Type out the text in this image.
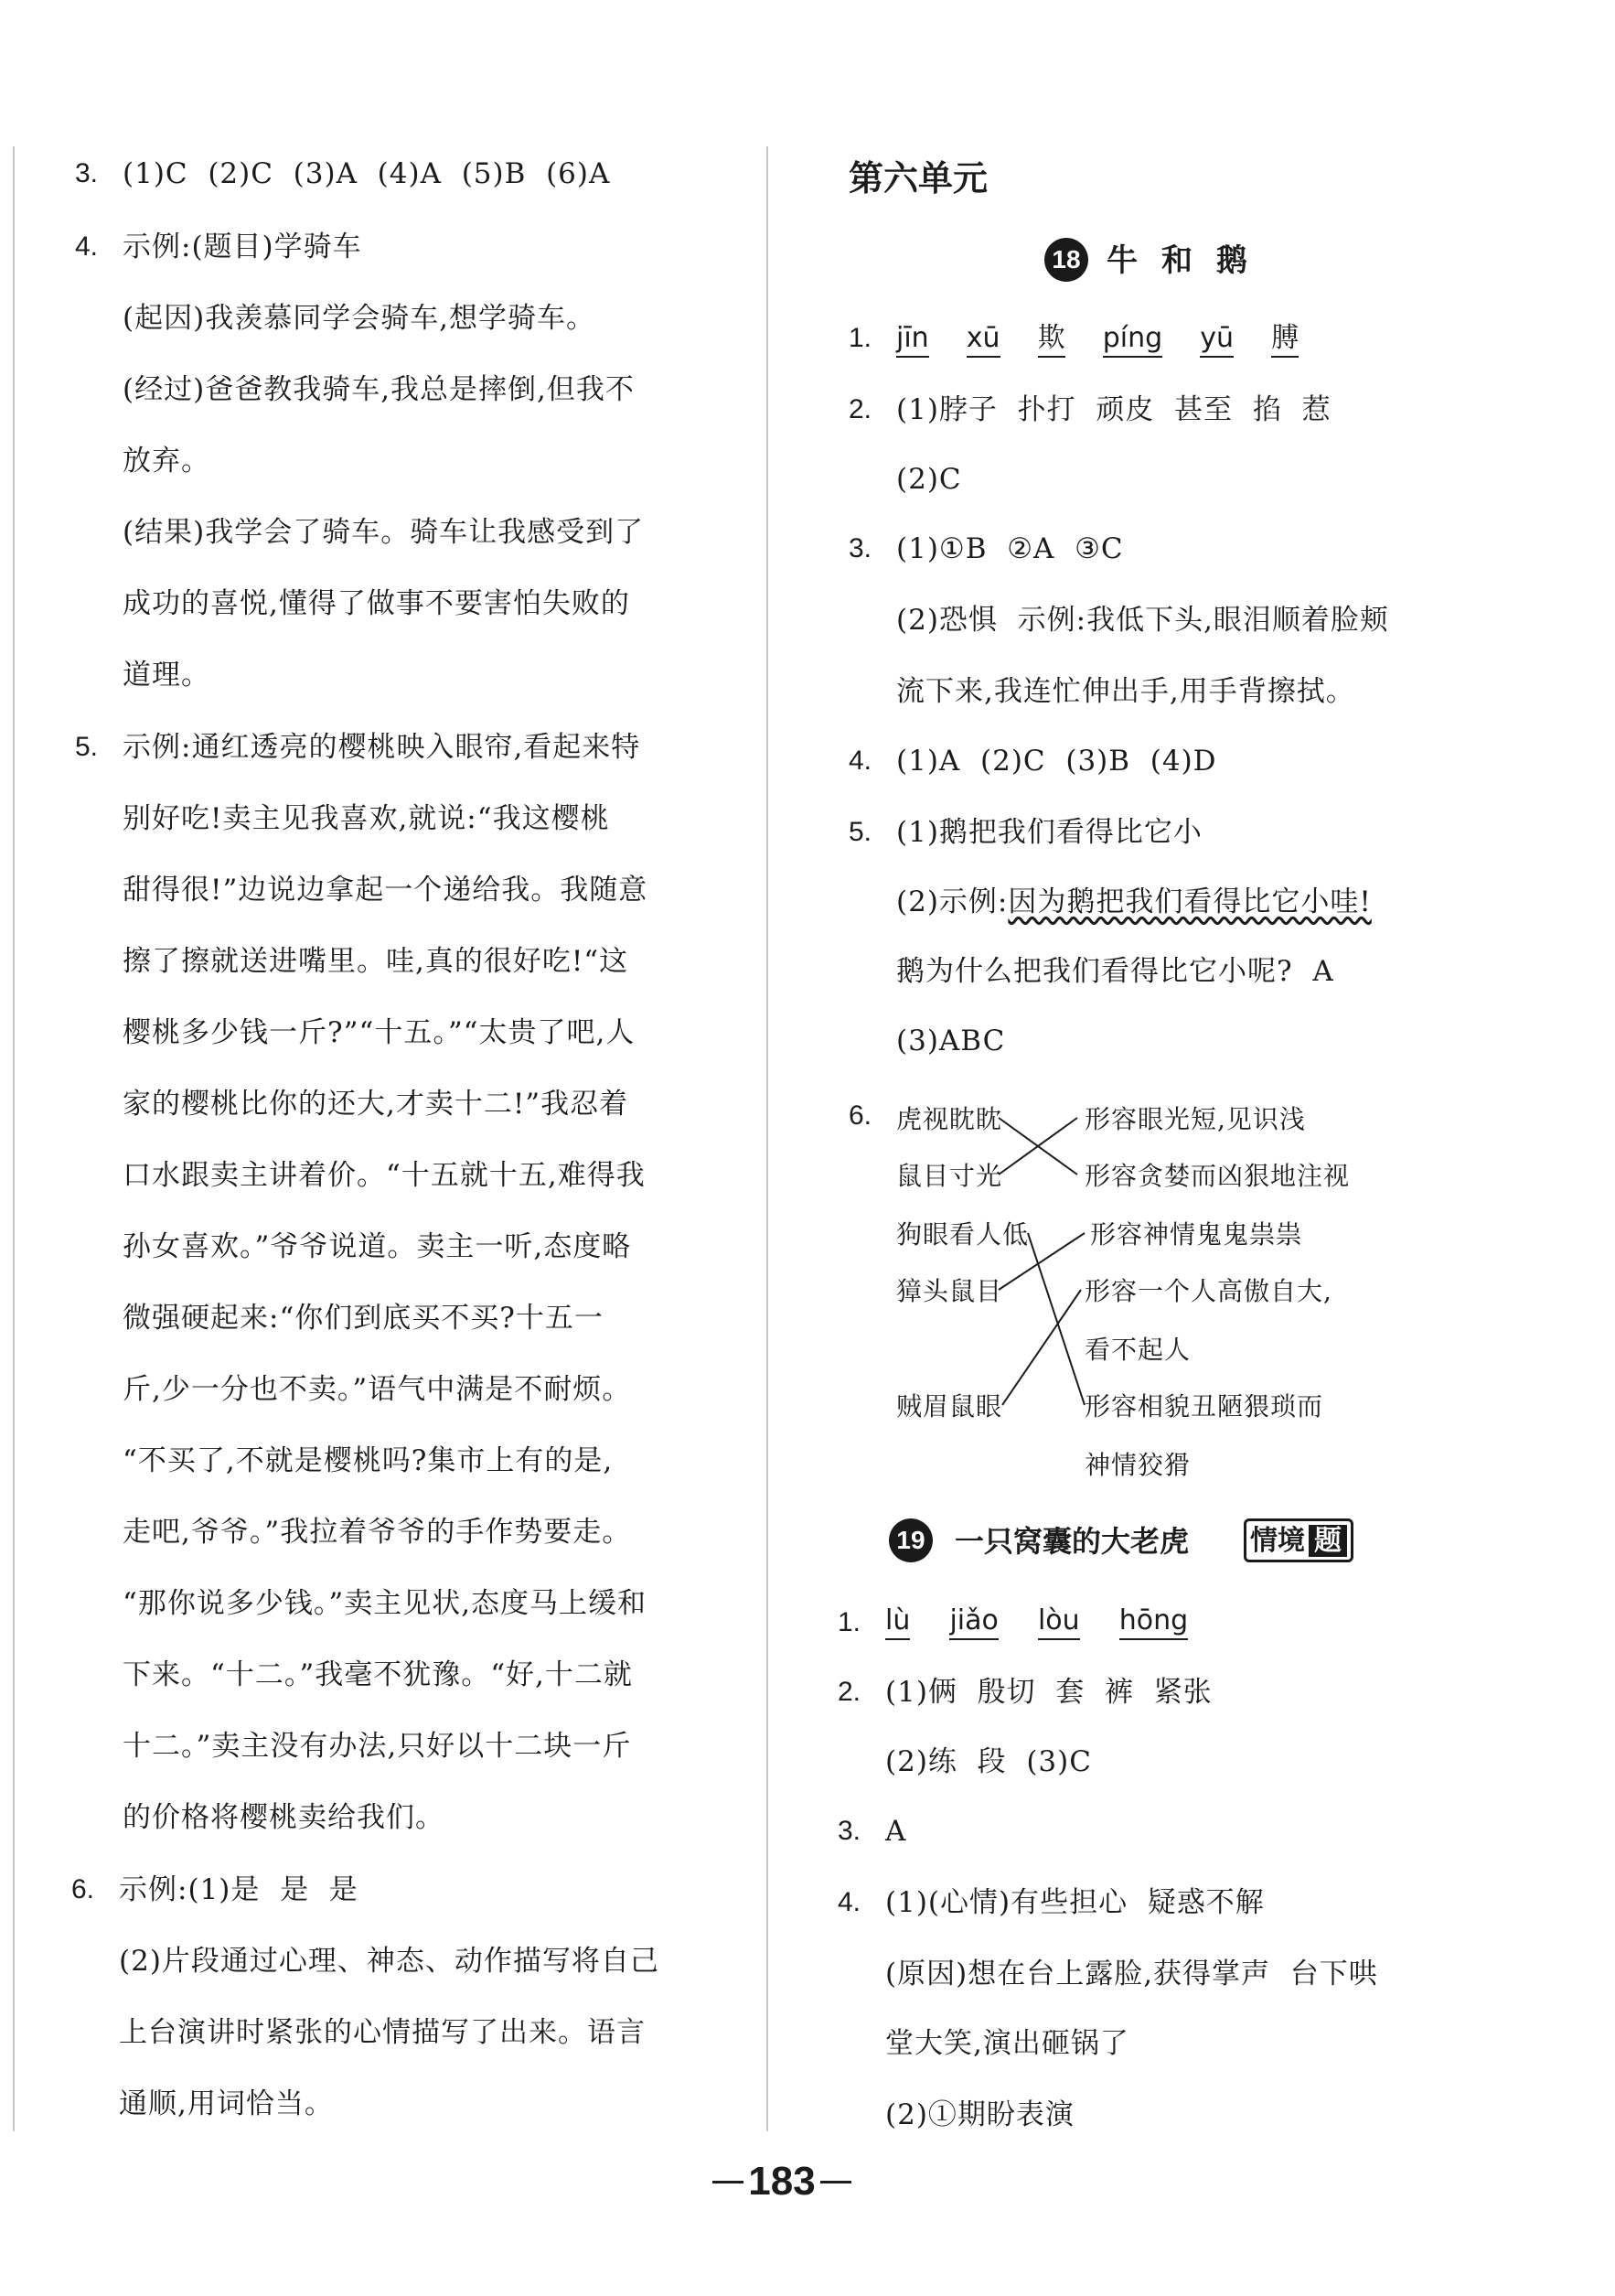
3. (1)C  (2)C  (3)A  (4)A  (5)B  (6)A
4. 示例:(题目)学骑车
(起因)我羡慕同学会骑车,想学骑车。
(经过)爸爸教我骑车,我总是摔倒,但我不
放弃。
(结果)我学会了骑车。骑车让我感受到了
成功的喜悦,懂得了做事不要害怕失败的
道理。
5. 示例:通红透亮的樱桃映入眼帘,看起来特
别好吃!卖主见我喜欢,就说:“我这樱桃
甜得很!”边说边拿起一个递给我。我随意
擦了擦就送进嘴里。哇,真的很好吃!“这
樱桃多少钱一斤?”“十五。”“太贵了吧,人
家的樱桃比你的还大,才卖十二!”我忍着
口水跟卖主讲着价。“十五就十五,难得我
孙女喜欢。”爷爷说道。卖主一听,态度略
微强硬起来:“你们到底买不买?十五一
斤,少一分也不卖。”语气中满是不耐烦。
“不买了,不就是樱桃吗?集市上有的是,
走吧,爷爷。”我拉着爷爷的手作势要走。
“那你说多少钱。”卖主见状,态度马上缓和
下来。“十二。”我毫不犹豫。“好,十二就
十二。”卖主没有办法,只好以十二块一斤
的价格将樱桃卖给我们。
6. 示例:(1)是  是  是
(2)片段通过心理、神态、动作描写将自己
上台演讲时紧张的心情描写了出来。语言
通顺,用词恰当。
第六单元
18 牛和鹅
1. jīn xū 欺 píng yū 膊
2. (1)脖子  扑打  顽皮  甚至  掐  惹
(2)C
3. (1)①B  ②A  ③C
(2)恐惧  示例:我低下头,眼泪顺着脸颊
流下来,我连忙伸出手,用手背擦拭。
4. (1)A  (2)C  (3)B  (4)D
5. (1)鹅把我们看得比它小
(2)示例:因为鹅把我们看得比它小哇!
鹅为什么把我们看得比它小呢?  A
(3)ABC
6. 虎视眈眈
鼠目寸光
狗眼看人低
獐头鼠目
贼眉鼠眼
形容眼光短,见识浅
形容贪婪而凶狠地注视
形容神情鬼鬼祟祟
形容一个人高傲自大,
看不起人
形容相貌丑陋猥琐而
神情狡猾
19 一只窝囊的大老虎 情境 题
1. lù jiǎo lòu hōng
2. (1)俩  殷切  套  裤  紧张
(2)练  段  (3)C
3. A
4. (1)(心情)有些担心  疑惑不解
(原因)想在台上露脸,获得掌声  台下哄
堂大笑,演出砸锅了
(2)①期盼表演
183
